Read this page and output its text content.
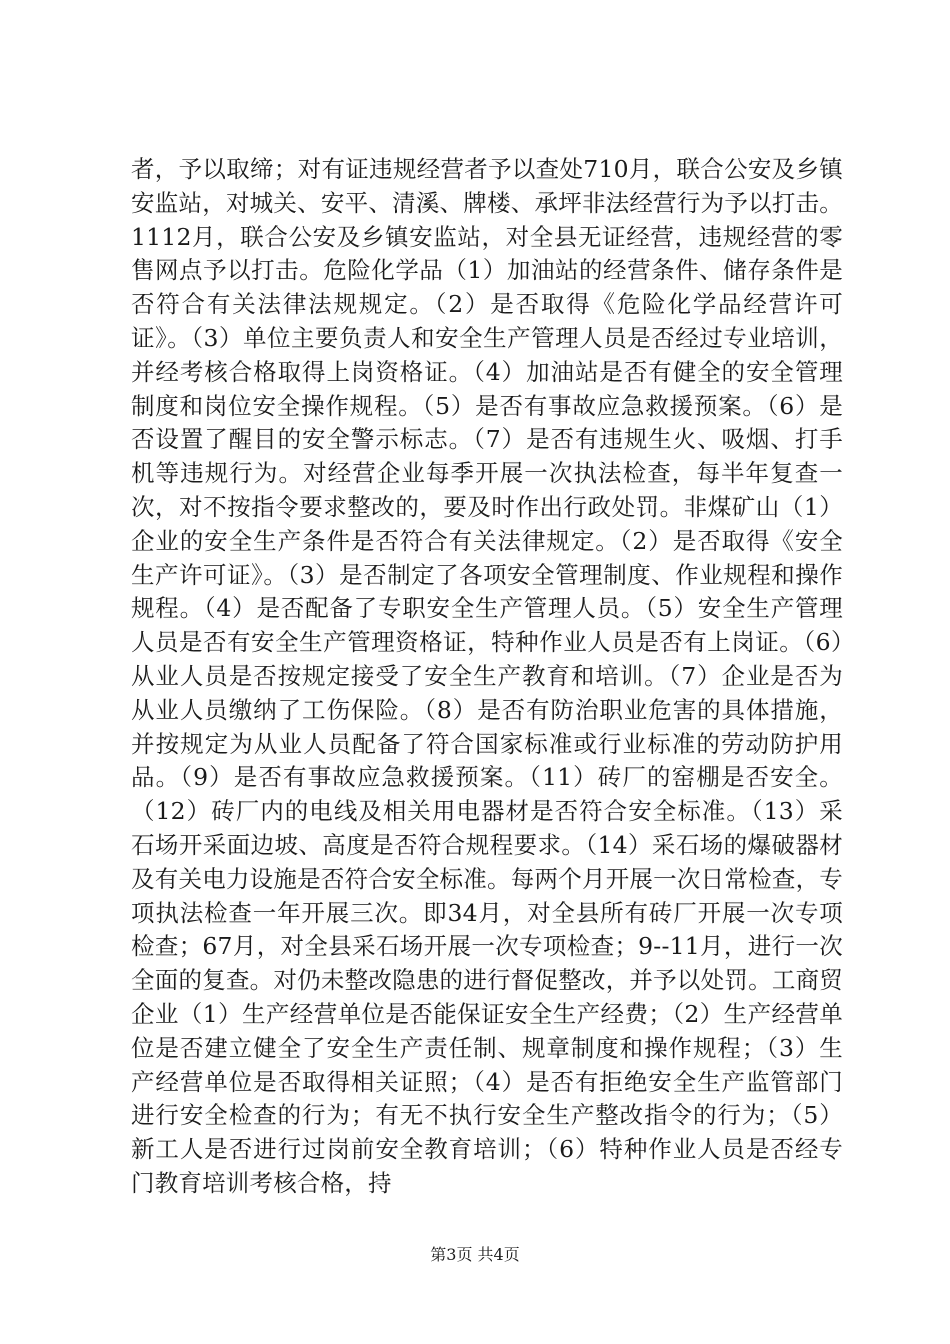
者，予以取缔；对有证违规经营者予以查处710月，联合公安及乡镇安监站，对城关、安平、清溪、牌楼、承坪非法经营行为予以打击。1112月，联合公安及乡镇安监站，对全县无证经营，违规经营的零售网点予以打击。危险化学品（1）加油站的经营条件、储存条件是否符合有关法律法规规定。（2）是否取得《危险化学品经营许可证》。（3）单位主要负责人和安全生产管理人员是否经过专业培训，并经考核合格取得上岗资格证。（4）加油站是否有健全的安全管理制度和岗位安全操作规程。（5）是否有事故应急救援预案。（6）是否设置了醒目的安全警示标志。（7）是否有违规生火、吸烟、打手机等违规行为。对经营企业每季开展一次执法检查，每半年复查一次，对不按指令要求整改的，要及时作出行政处罚。非煤矿山（1）企业的安全生产条件是否符合有关法律规定。（2）是否取得《安全生产许可证》。（3）是否制定了各项安全管理制度、作业规程和操作规程。（4）是否配备了专职安全生产管理人员。（5）安全生产管理人员是否有安全生产管理资格证，特种作业人员是否有上岗证。（6）从业人员是否按规定接受了安全生产教育和培训。（7）企业是否为从业人员缴纳了工伤保险。（8）是否有防治职业危害的具体措施，并按规定为从业人员配备了符合国家标准或行业标准的劳动防护用品。（9）是否有事故应急救援预案。（11）砖厂的窑棚是否安全。（12）砖厂内的电线及相关用电器材是否符合安全标准。（13）采石场开采面边坡、高度是否符合规程要求。（14）采石场的爆破器材及有关电力设施是否符合安全标准。每两个月开展一次日常检查，专项执法检查一年开展三次。即34月，对全县所有砖厂开展一次专项检查；67月，对全县采石场开展一次专项检查；9--11月，进行一次全面的复查。对仍未整改隐患的进行督促整改，并予以处罚。工商贸企业（1）生产经营单位是否能保证安全生产经费；（2）生产经营单位是否建立健全了安全生产责任制、规章制度和操作规程；（3）生产经营单位是否取得相关证照；（4）是否有拒绝安全生产监管部门进行安全检查的行为；有无不执行安全生产整改指令的行为；（5）新工人是否进行过岗前安全教育培训；（6）特种作业人员是否经专门教育培训考核合格，持

第3页 共4页
